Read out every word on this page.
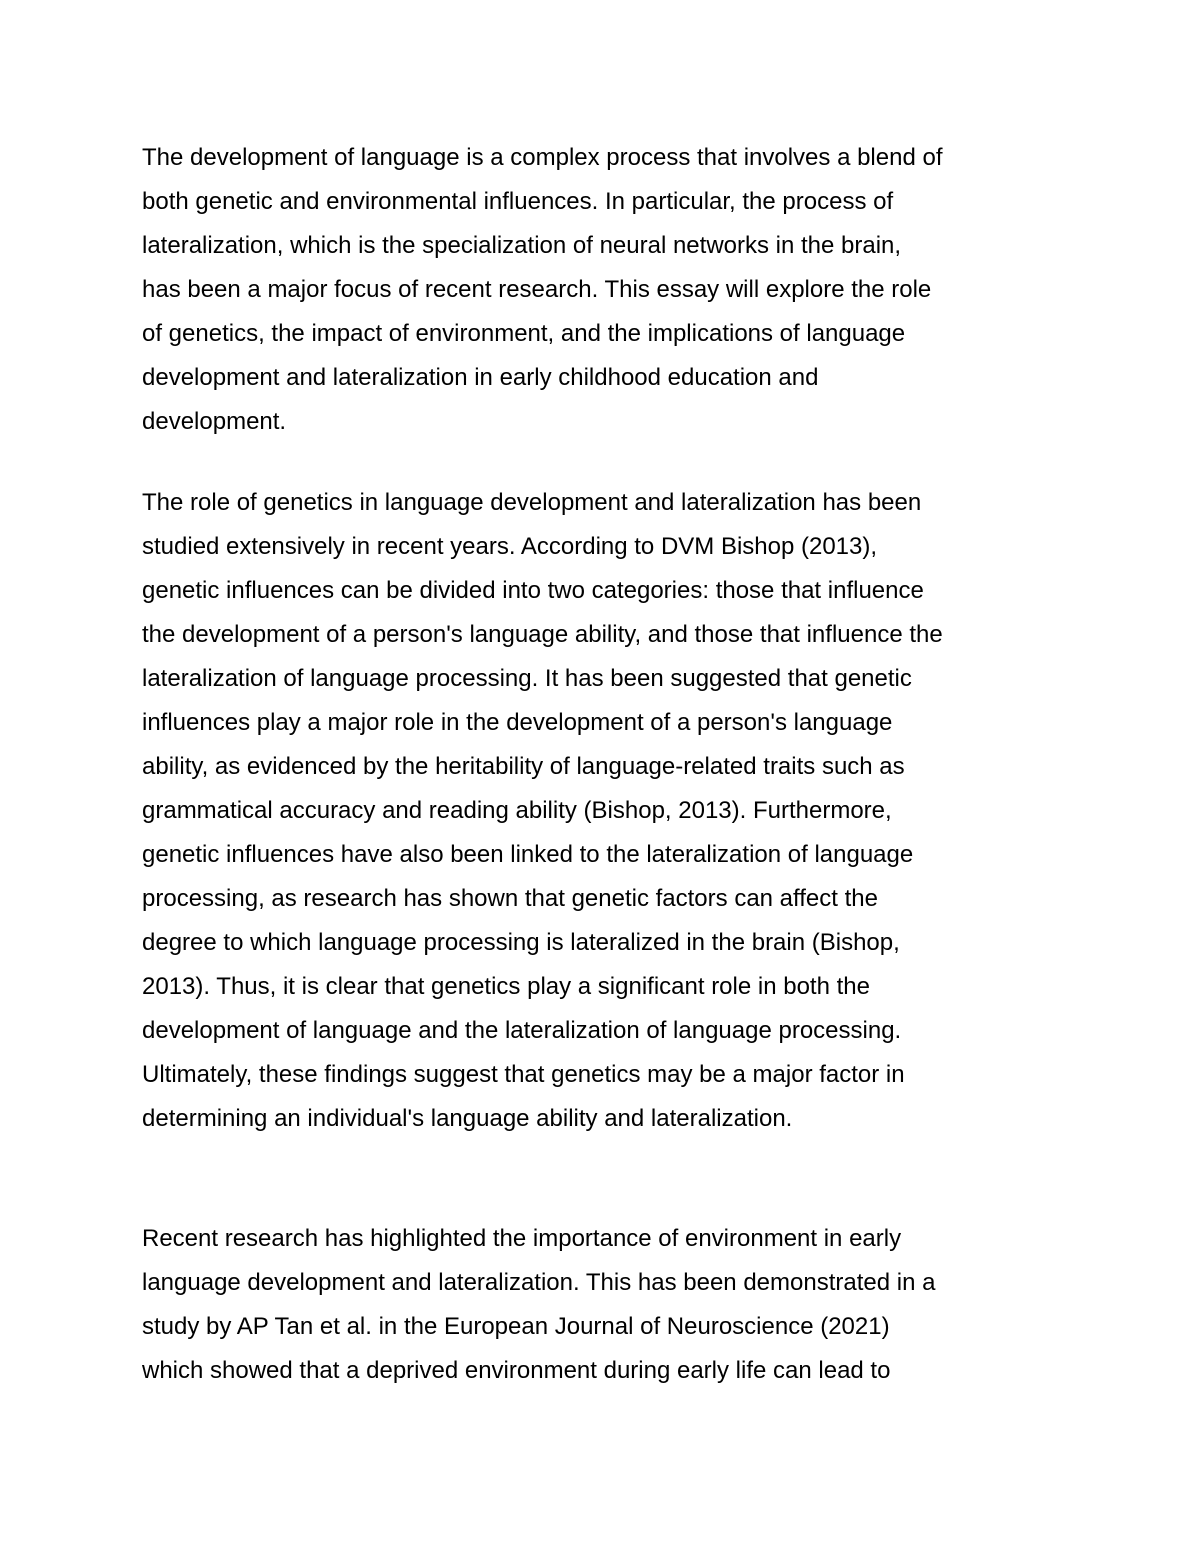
The development of language is a complex process that involves a blend of
both genetic and environmental influences. In particular, the process of
lateralization, which is the specialization of neural networks in the brain,
has been a major focus of recent research. This essay will explore the role
of genetics, the impact of environment, and the implications of language
development and lateralization in early childhood education and
development.
The role of genetics in language development and lateralization has been
studied extensively in recent years. According to DVM Bishop (2013),
genetic influences can be divided into two categories: those that influence
the development of a person's language ability, and those that influence the
lateralization of language processing. It has been suggested that genetic
influences play a major role in the development of a person's language
ability, as evidenced by the heritability of language-related traits such as
grammatical accuracy and reading ability (Bishop, 2013). Furthermore,
genetic influences have also been linked to the lateralization of language
processing, as research has shown that genetic factors can affect the
degree to which language processing is lateralized in the brain (Bishop,
2013). Thus, it is clear that genetics play a significant role in both the
development of language and the lateralization of language processing.
Ultimately, these findings suggest that genetics may be a major factor in
determining an individual's language ability and lateralization.
Recent research has highlighted the importance of environment in early
language development and lateralization. This has been demonstrated in a
study by AP Tan et al. in the European Journal of Neuroscience (2021)
which showed that a deprived environment during early life can lead to
